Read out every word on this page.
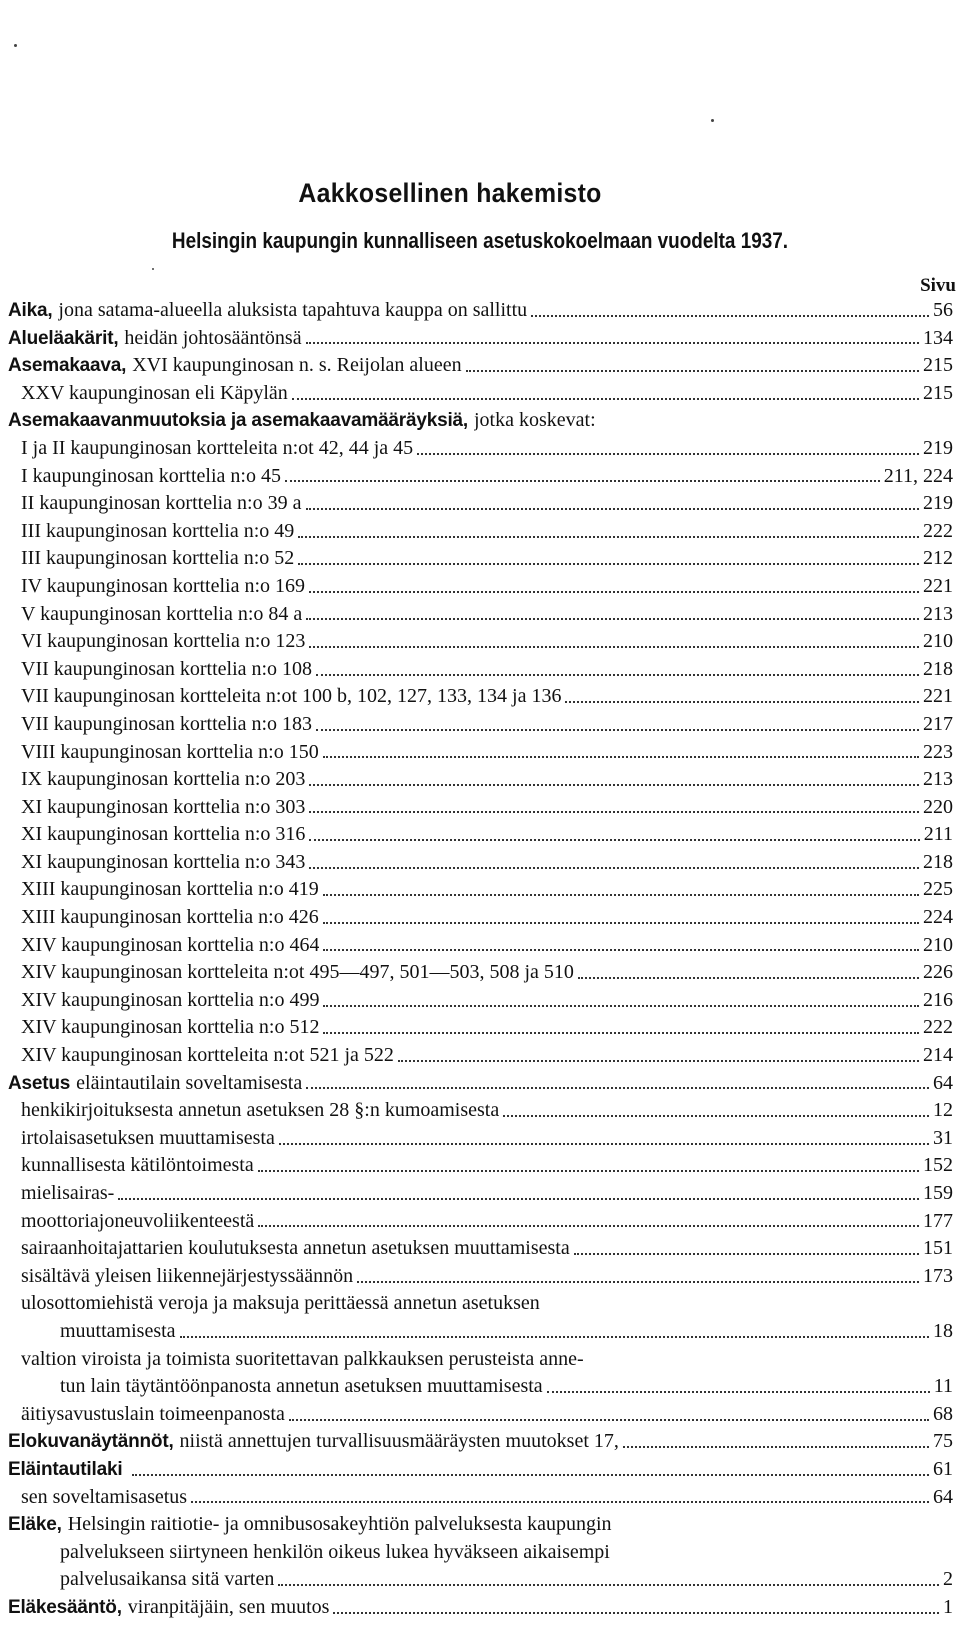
Aakkosellinen hakemisto
Helsingin kaupungin kunnalliseen asetuskokoelmaan vuodelta 1937.
Sivu
Aika, jona satama-alueella aluksista tapahtuva kauppa on sallittu	56
Alueläakärit, heidän johtosääntönsä	134
Asemakaava, XVI kaupunginosan n. s. Reijolan alueen	215
XXV kaupunginosan eli Käpylän	215
Asemakaavanmuutoksia ja asemakaavamääräyksiä, jotka koskevat:
I ja II kaupunginosan kortteleita n:ot 42, 44 ja 45	219
I kaupunginosan korttelia n:o 45	211, 224
II kaupunginosan korttelia n:o 39 a	219
III kaupunginosan korttelia n:o 49	222
III kaupunginosan korttelia n:o 52	212
IV kaupunginosan korttelia n:o 169	221
V kaupunginosan korttelia n:o 84 a	213
VI kaupunginosan korttelia n:o 123	210
VII kaupunginosan korttelia n:o 108	218
VII kaupunginosan kortteleita n:ot 100 b, 102, 127, 133, 134 ja 136	221
VII kaupunginosan korttelia n:o 183	217
VIII kaupunginosan korttelia n:o 150	223
IX kaupunginosan korttelia n:o 203	213
XI kaupunginosan korttelia n:o 303	220
XI kaupunginosan korttelia n:o 316	211
XI kaupunginosan korttelia n:o 343	218
XIII kaupunginosan korttelia n:o 419	225
XIII kaupunginosan korttelia n:o 426	224
XIV kaupunginosan korttelia n:o 464	210
XIV kaupunginosan kortteleita n:ot 495—497, 501—503, 508 ja 510	226
XIV kaupunginosan korttelia n:o 499	216
XIV kaupunginosan korttelia n:o 512	222
XIV kaupunginosan kortteleita n:ot 521 ja 522	214
Asetus eläintautilain soveltamisesta	64
henkikirjoituksesta annetun asetuksen 28 §:n kumoamisesta	12
irtolaisasetuksen muuttamisesta	31
kunnallisesta kätilöntoimesta	152
mielisairas-	159
moottoriajoneuvoliikenteestä	177
sairaanhoitajattarien koulutuksesta annetun asetuksen muuttamisesta	151
sisältävä yleisen liikennejärjestyssäännön	173
ulosottomiehistä veroja ja maksuja perittäessä annetun asetuksen
muuttamisesta	18
valtion viroista ja toimista suoritettavan palkkauksen perusteista anne-
tun lain täytäntöönpanosta annetun asetuksen muuttamisesta	11
äitiysavustuslain toimeenpanosta	68
Elokuvanäytännöt, niistä annettujen turvallisuusmääräysten muutokset 17,	75
Eläintautilaki	61
sen soveltamisasetus	64
Eläke, Helsingin raitiotie- ja omnibusosakeyhtiön palveluksesta kaupungin
palvelukseen siirtyneen henkilön oikeus lukea hyväkseen aikaisempi
palvelusaikansa sitä varten	2
Eläkesääntö, viranpitäjäin, sen muutos	1
